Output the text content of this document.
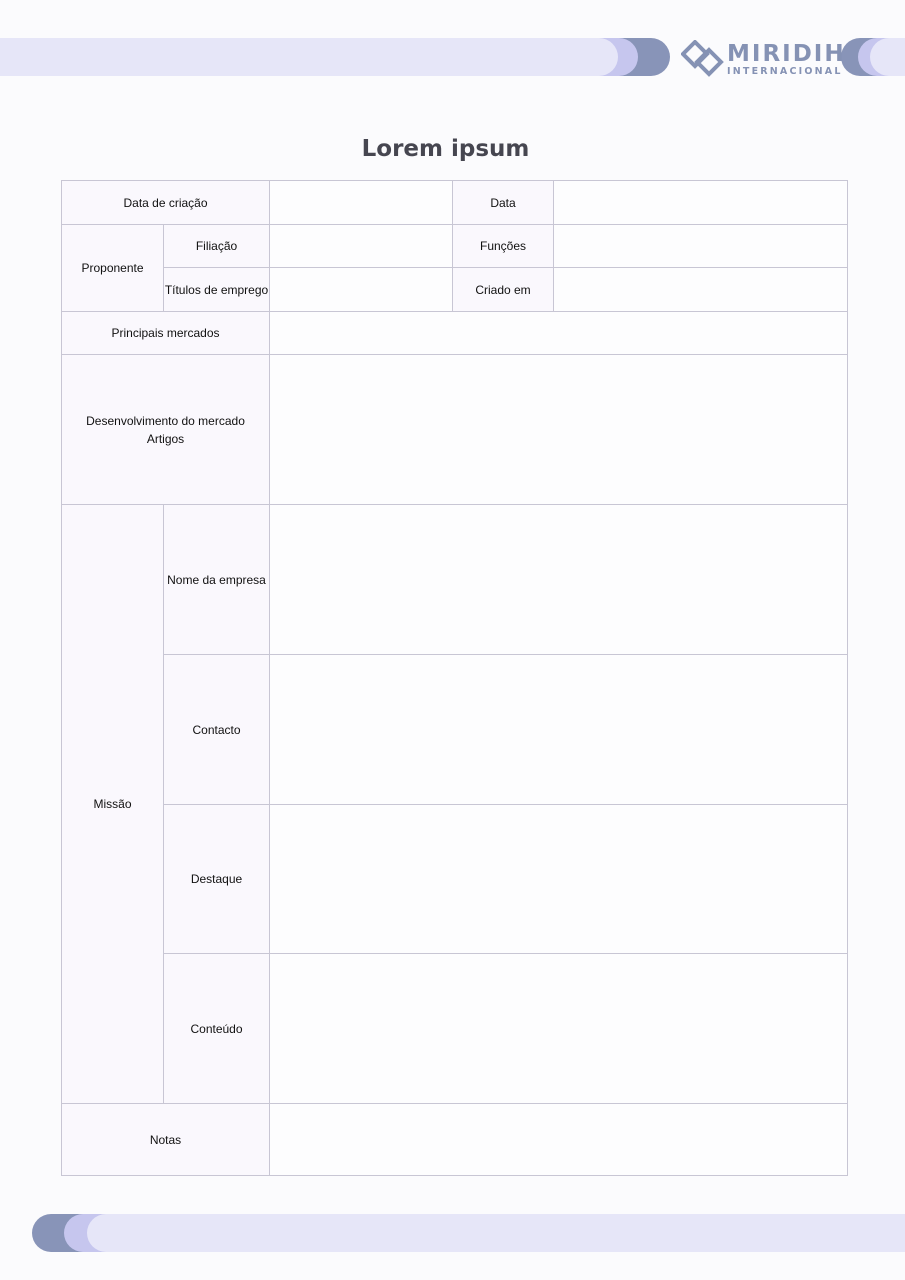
MIRIDIH
INTERNACIONAL
Lorem ipsum
Data de criação			Data	
Proponente	Filiação		Funções	
	Títulos de emprego		Criado em	
Principais mercados				

Desenvolvimento do mercado
Artigos				

Missão	Nome da empresa			
	Contacto			
	Destaque			
	Conteúdo			
Notas				
